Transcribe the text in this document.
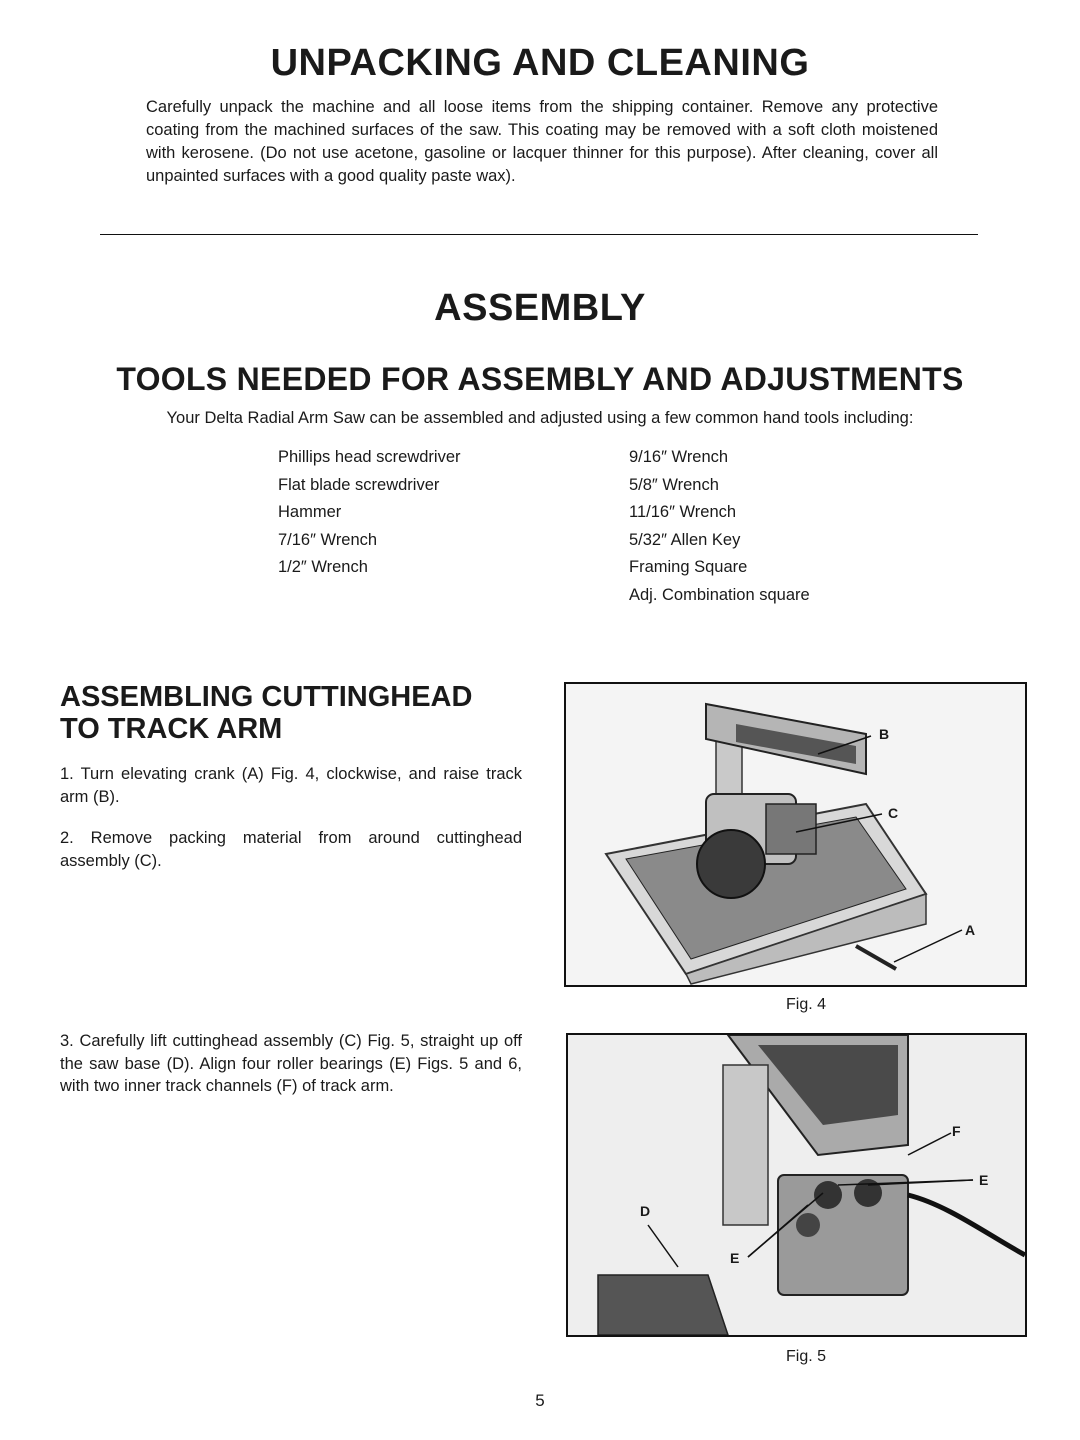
UNPACKING AND CLEANING

Carefully unpack the machine and all loose items from the shipping container. Remove any protective coating from the machined surfaces of the saw. This coating may be removed with a soft cloth moistened with kerosene. (Do not use acetone, gasoline or lacquer thinner for this purpose). After cleaning, cover all unpainted surfaces with a good quality paste wax).

ASSEMBLY
TOOLS NEEDED FOR ASSEMBLY AND ADJUSTMENTS

Your Delta Radial Arm Saw can be assembled and adjusted using a few common hand tools including:

Phillips head screwdriver
Flat blade screwdriver
Hammer
7/16″ Wrench
1/2″ Wrench
9/16″ Wrench
5/8″ Wrench
11/16″ Wrench
5/32″ Allen Key
Framing Square
Adj. Combination square
ASSEMBLING CUTTINGHEAD
TO TRACK ARM

1. Turn elevating crank (A) Fig. 4, clockwise, and raise track arm (B).

2. Remove packing material from around cuttinghead assembly (C).

3. Carefully lift cuttinghead assembly (C) Fig. 5, straight up off the saw base (D). Align four roller bearings (E) Figs. 5 and 6, with two inner track channels (F) of track arm.

B
C
A

Fig. 4

F
E
D
E

Fig. 5

5
